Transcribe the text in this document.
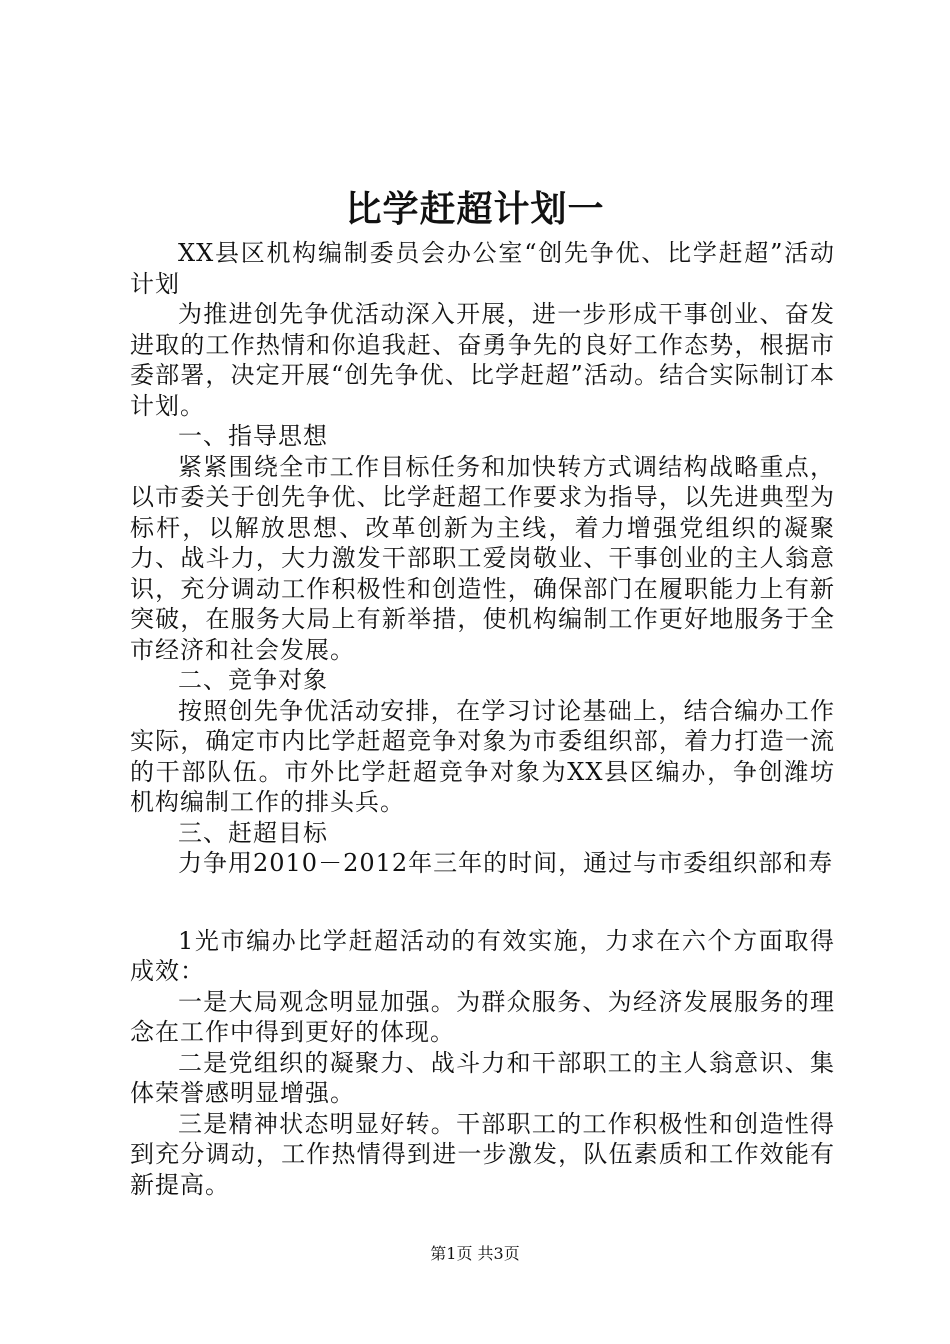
比学赶超计划一

XX县区机构编制委员会办公室“创先争优、比学赶超”活动计划

为推进创先争优活动深入开展，进一步形成干事创业、奋发进取的工作热情和你追我赶、奋勇争先的良好工作态势，根据市委部署，决定开展“创先争优、比学赶超”活动。结合实际制订本计划。

一、指导思想

紧紧围绕全市工作目标任务和加快转方式调结构战略重点，以市委关于创先争优、比学赶超工作要求为指导，以先进典型为标杆，以解放思想、改革创新为主线，着力增强党组织的凝聚力、战斗力，大力激发干部职工爱岗敬业、干事创业的主人翁意识，充分调动工作积极性和创造性，确保部门在履职能力上有新突破，在服务大局上有新举措，使机构编制工作更好地服务于全市经济和社会发展。

二、竞争对象

按照创先争优活动安排，在学习讨论基础上，结合编办工作实际，确定市内比学赶超竞争对象为市委组织部，着力打造一流的干部队伍。市外比学赶超竞争对象为XX县区编办，争创潍坊机构编制工作的排头兵。

三、赶超目标

力争用2010－2012年三年的时间，通过与市委组织部和寿

1光市编办比学赶超活动的有效实施，力求在六个方面取得成效：

一是大局观念明显加强。为群众服务、为经济发展服务的理念在工作中得到更好的体现。

二是党组织的凝聚力、战斗力和干部职工的主人翁意识、集体荣誉感明显增强。

三是精神状态明显好转。干部职工的工作积极性和创造性得到充分调动，工作热情得到进一步激发，队伍素质和工作效能有新提高。

第1页 共3页
